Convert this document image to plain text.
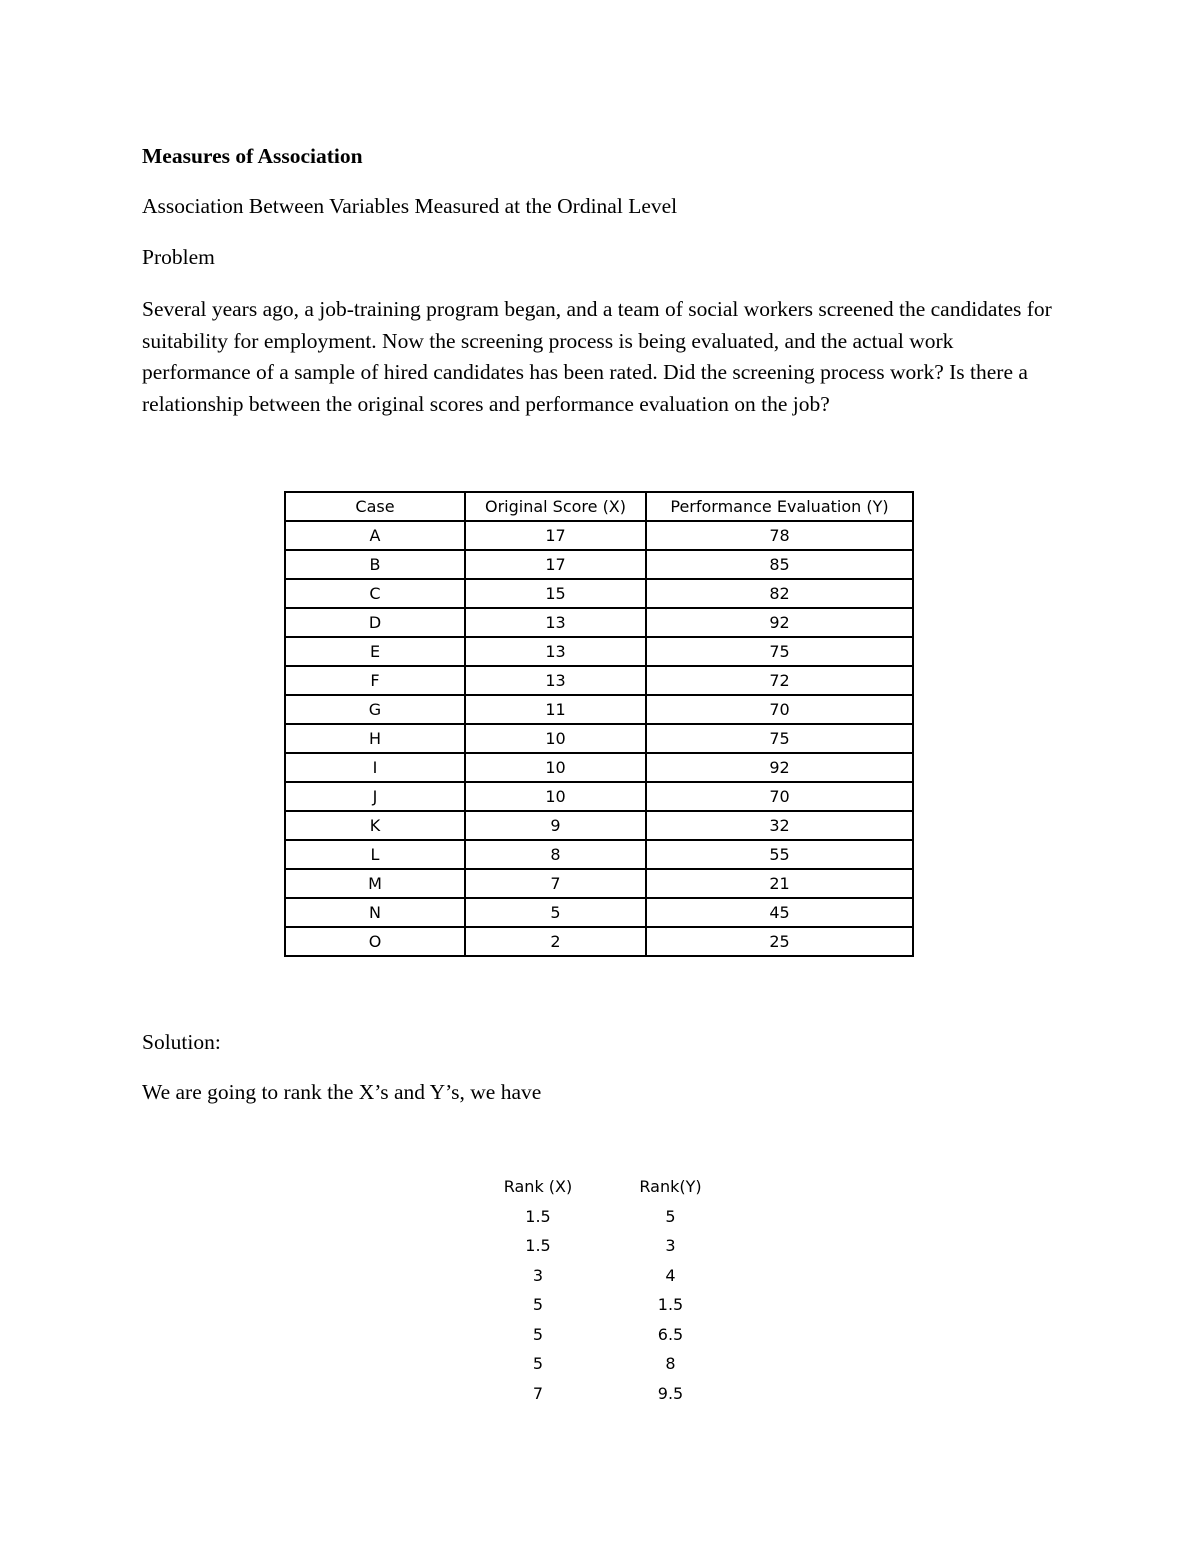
Measures of Association
Association Between Variables Measured at the Ordinal Level
Problem
Several years ago, a job-training program began, and a team of social workers screened the candidates for suitability for employment. Now the screening process is being evaluated, and the actual work performance of a sample of hired candidates has been rated. Did the screening process work? Is there a relationship between the original scores and performance evaluation on the job?
Case	Original Score (X)	Performance Evaluation (Y)
A	17	78
B	17	85
C	15	82
D	13	92
E	13	75
F	13	72
G	11	70
H	10	75
I	10	92
J	10	70
K	9	32
L	8	55
M	7	21
N	5	45
O	2	25
Solution:
We are going to rank the X’s and Y’s, we have
Rank (X)	Rank(Y)
1.5	5
1.5	3
3	4
5	1.5
5	6.5
5	8
7	9.5
